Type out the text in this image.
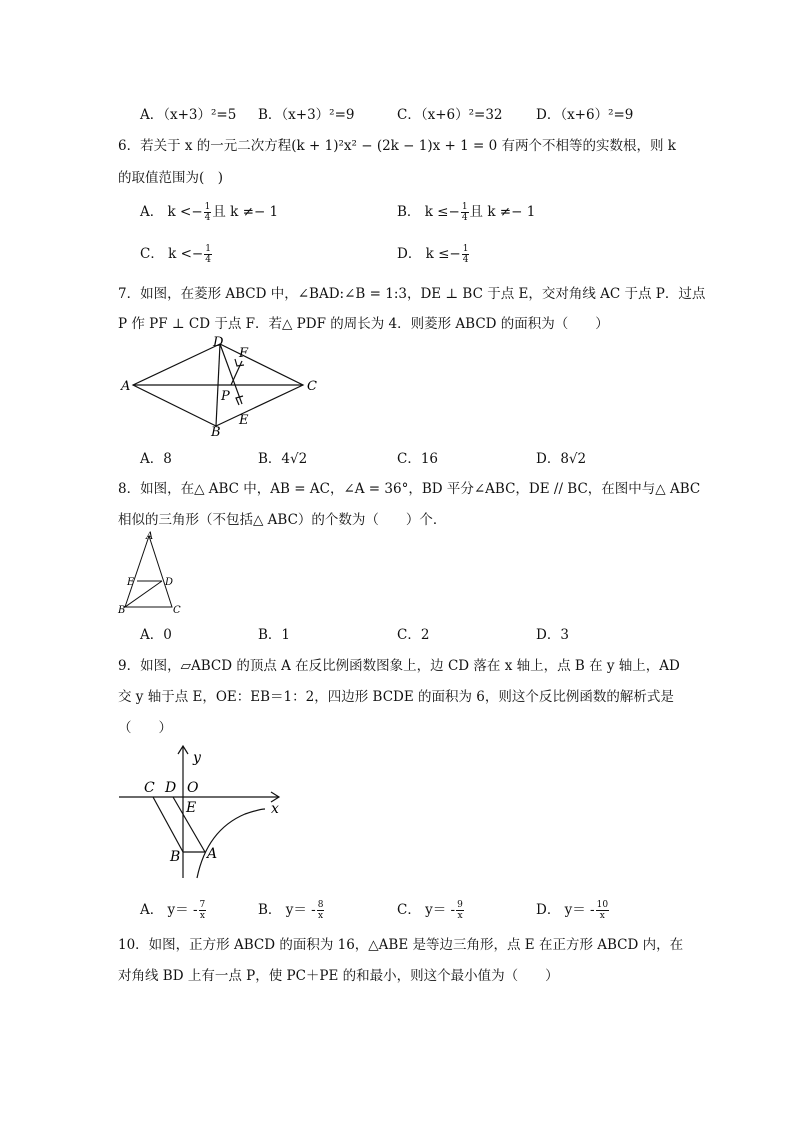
A．（x+3）²=5 B．（x+3）²=9	C．（x+6）²=32 D．（x+6）²=9
6．若关于 x 的一元二次方程(k + 1)²x² − (2k − 1)x + 1 = 0 有两个不相等的实数根，则 k
的取值范围为(　)
A． $k <- \frac{1}{4}$ 且 k ≠− 1	B． $k \le- \frac{1}{4}$ 且 k ≠− 1
C． $k <- \frac{1}{4}$	D． $k \le- \frac{1}{4}$
7．如图，在菱形 ABCD 中，∠BAD:∠B = 1:3，DE ⊥ BC 于点 E，交对角线 AC 于点 P．过点
P 作 PF ⊥ CD 于点 F．若△ PDF 的周长为 4．则菱形 ABCD 的面积为（　　）
A
D
F
C
P
E
B
A．8	B．4√2	C．16	D．8√2
8．如图，在△ ABC 中，AB = AC，∠A = 36°，BD 平分∠ABC，DE // BC，在图中与△ ABC
相似的三角形（不包括△ ABC）的个数为（　　）个．
A
E	D
B	C
A．0	B．1	C．2	D．3
9．如图，▱ABCD 的顶点 A 在反比例函数图象上，边 CD 落在 x 轴上，点 B 在 y 轴上，AD
交 y 轴于点 E，OE：EB＝1：2，四边形 BCDE 的面积为 6，则这个反比例函数的解析式是
（　　）
y
x
C D O
E
B A
A． $y= - \frac{7}{x}$	B． $y= - \frac{8}{x}$	C． $y= - \frac{9}{x}$	D． $y= - \frac{10}{x}$
10．如图，正方形 ABCD 的面积为 16，△ABE 是等边三角形，点 E 在正方形 ABCD 内，在
对角线 BD 上有一点 P，使 PC＋PE 的和最小，则这个最小值为（　　）
